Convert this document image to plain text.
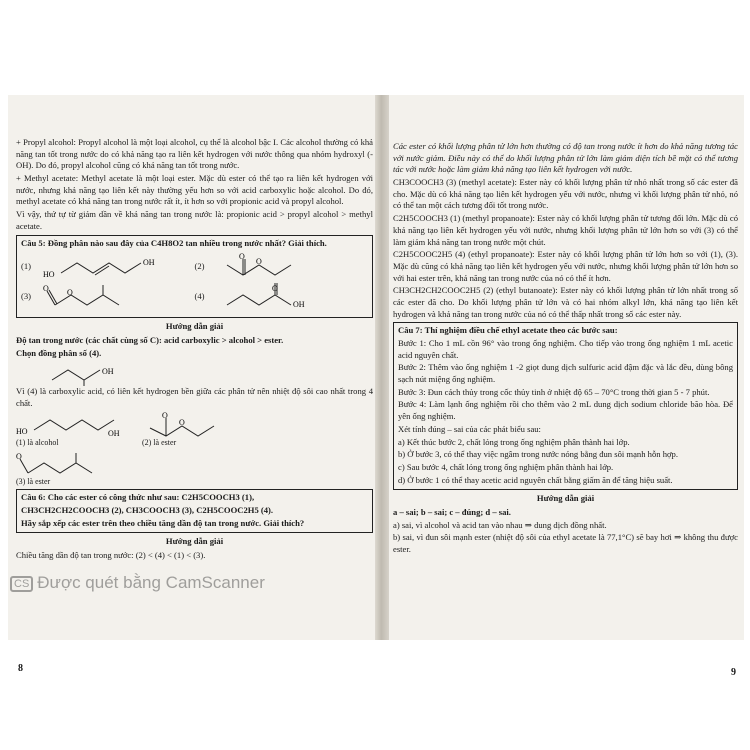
+ Propyl alcohol: Propyl alcohol là một loại alcohol, cụ thể là alcohol bậc I. Các alcohol thường có khả năng tan tốt trong nước do có khả năng tạo ra liên kết hydrogen với nước thông qua nhóm hydroxyl (-OH). Do đó, propyl alcohol cũng có khả năng tan tốt trong nước.

+ Methyl acetate: Methyl acetate là một loại ester. Mặc dù ester có thể tạo ra liên kết hydrogen với nước, nhưng khả năng tạo liên kết này thường yếu hơn so với acid carboxylic hoặc alcohol. Do đó, methyl acetate có khả năng tan trong nước rất ít, ít hơn so với propionic acid và propyl alcohol.

Vì vậy, thứ tự từ giảm dần về khả năng tan trong nước là: propionic acid > propyl alcohol > methyl acetate.

Câu 5: Đồng phân nào sau đây của C4H8O2 tan nhiều trong nước nhất? Giải thích.

(1)
HO
OH	(2)
O
O
(3)
O O	(4)
O
OH
Hướng dẫn giải

Độ tan trong nước (các chất cùng số C): acid carboxylic > alcohol > ester.

Chọn đồng phân số (4).

OH

Vì (4) là carboxylic acid, có liên kết hydrogen bền giữa các phân tử nên nhiệt độ sôi cao nhất trong 4 chất.

HO	OH
(1) là alcohol
O
O
(2) là ester
O
(3) là ester

Câu 6: Cho các ester có công thức như sau: C2H5COOCH3 (1),

CH3CH2CH2COOCH3 (2), CH3COOCH3 (3), C2H5COOC2H5 (4).

Hãy sắp xếp các ester trên theo chiều tăng dần độ tan trong nước. Giải thích?

Hướng dẫn giải

Chiều tăng dần độ tan trong nước: (2) < (4) < (1) < (3).

8

Các ester có khối lượng phân tử lớn hơn thường có độ tan trong nước ít hơn do khả năng tương tác với nước giảm. Điều này có thể do khối lượng phân tử lớn làm giảm diện tích bề mặt có thể tương tác với nước hoặc làm giảm khả năng tạo liên kết hydrogen với nước.

CH3COOCH3 (3) (methyl acetate): Ester này có khối lượng phân tử nhỏ nhất trong số các ester đã cho. Mặc dù có khả năng tạo liên kết hydrogen yếu với nước, nhưng vì khối lượng phân tử nhỏ, nó có thể tan một cách tương đối tốt trong nước.

C2H5COOCH3 (1) (methyl propanoate): Ester này có khối lượng phân tử tương đối lớn. Mặc dù có khả năng tạo liên kết hydrogen yếu với nước, nhưng khối lượng phân tử lớn hơn so với (3) có thể làm giảm khả năng tan trong nước một chút.

C2H5COOC2H5 (4) (ethyl propanoate): Ester này có khối lượng phân tử lớn hơn so với (1), (3). Mặc dù cũng có khả năng tạo liên kết hydrogen yếu với nước, nhưng khối lượng phân tử lớn hơn so với hai ester trên, khả năng tan trong nước của nó có thể ít hơn.

CH3CH2CH2COOC2H5 (2) (ethyl butanoate): Ester này có khối lượng phân tử lớn nhất trong số các ester đã cho. Do khối lượng phân tử lớn và có hai nhóm alkyl lớn, khả năng tạo liên kết hydrogen và khả năng tan trong nước của nó có thể thấp nhất trong số các ester này.

Câu 7: Thí nghiệm điều chế ethyl acetate theo các bước sau:

Bước 1: Cho 1 mL cồn 96° vào trong ống nghiệm. Cho tiếp vào trong ống nghiệm 1 mL acetic acid nguyên chất.

Bước 2: Thêm vào ống nghiệm 1 -2 giọt dung dịch sulfuric acid đậm đặc và lắc đều, dùng bông sạch nút miệng ống nghiệm.

Bước 3: Đun cách thủy trong cốc thủy tinh ở nhiệt độ 65 – 70°C trong thời gian 5 - 7 phút.

Bước 4: Làm lạnh ống nghiệm rồi cho thêm vào 2 mL dung dịch sodium chloride bão hòa. Để yên ống nghiệm.

Xét tính đúng – sai của các phát biểu sau:

a) Kết thúc bước 2, chất lỏng trong ống nghiệm phân thành hai lớp.

b) Ở bước 3, có thể thay việc ngâm trong nước nóng bằng đun sôi mạnh hỗn hợp.

c) Sau bước 4, chất lỏng trong ống nghiệm phân thành hai lớp.

d) Ở bước 1 có thể thay acetic acid nguyên chất bằng giấm ăn để tăng hiệu suất.

Hướng dẫn giải

a – sai; b – sai; c – đúng; d – sai.

a) sai, vì alcohol và acid tan vào nhau ⇒ dung dịch đồng nhất.

b) sai, vì đun sôi mạnh ester (nhiệt độ sôi của ethyl acetate là 77,1°C) sẽ bay hơi ⇒ không thu được ester.

9
CS Được quét bằng CamScanner
